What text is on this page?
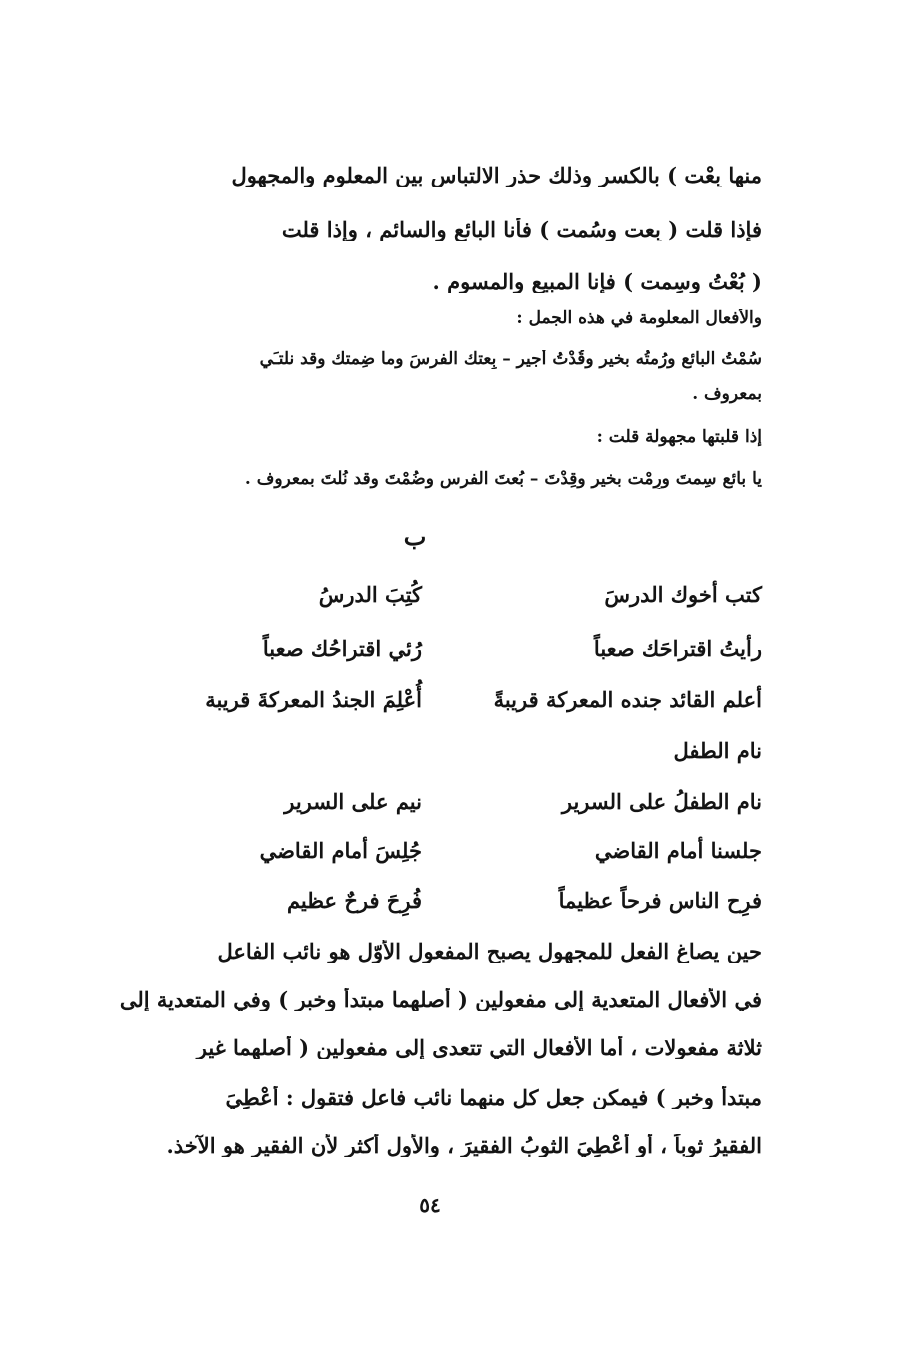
منها بِعْت ) بالكسر وذلك حذر الالتباس بين المعلوم والمجهول
فإذا قلت ( بِعت وسُمت ) فأنا البائع والسائم ، وإذا قلت
( بُعْتُ وسِمت ) فإنا المبيع والمسوم .
والأفعال المعلومة في هذه الجمل :
سُمْتُ البائع ورُمتُه بخير وقُدْتُ أجير – بِعتك الفرسَ وما ضِمتك وقد نلتـَي
بمعروف .
إذا قلبتها مجهولة قلت :
يا بائع سِمتَ ورِمْت بخير وقِدْتَ – بُعتَ الفرس وضُمْتَ وقد نُلْتَ بمعروف .
ب
كتب أخوك الدرسَ
كُتِبَ الدرسُ
رأيتُ اقتراحَك صعباً
رُئي اقتراحُك صعباً
أعلم القائد جنده المعركة قريبةً
أُعْلِمَ الجندُ المعركةَ قريبة
نام الطفل
نام الطفلُ على السرير
نيم على السرير
جلسنا أمام القاضي
جُلِسَ أمام القاضي
فرِح الناس فرحاً عظيماً
فُرِحَ فرحٌ عظيم
حين يصاغ الفعل للمجهول يصبح المفعول الأوّل هو نائب الفاعل
في الأفعال المتعدية إلى مفعولين ( أصلهما مبتدأ وخبر ) وفي المتعدية إلى
ثلاثة مفعولات ، أما الأفعال التي تتعدى إلى مفعولين ( أصلهما غير
مبتدأ وخبر ) فيمكن جعل كل منهما نائب فاعل فتقول : أُعْطِيَ
الفقيرُ ثوباً ، أو أُعْطِيَ الثوبُ الفقيرَ ، والأول أكثر لأن الفقير هو الآخذ.
٥٤
